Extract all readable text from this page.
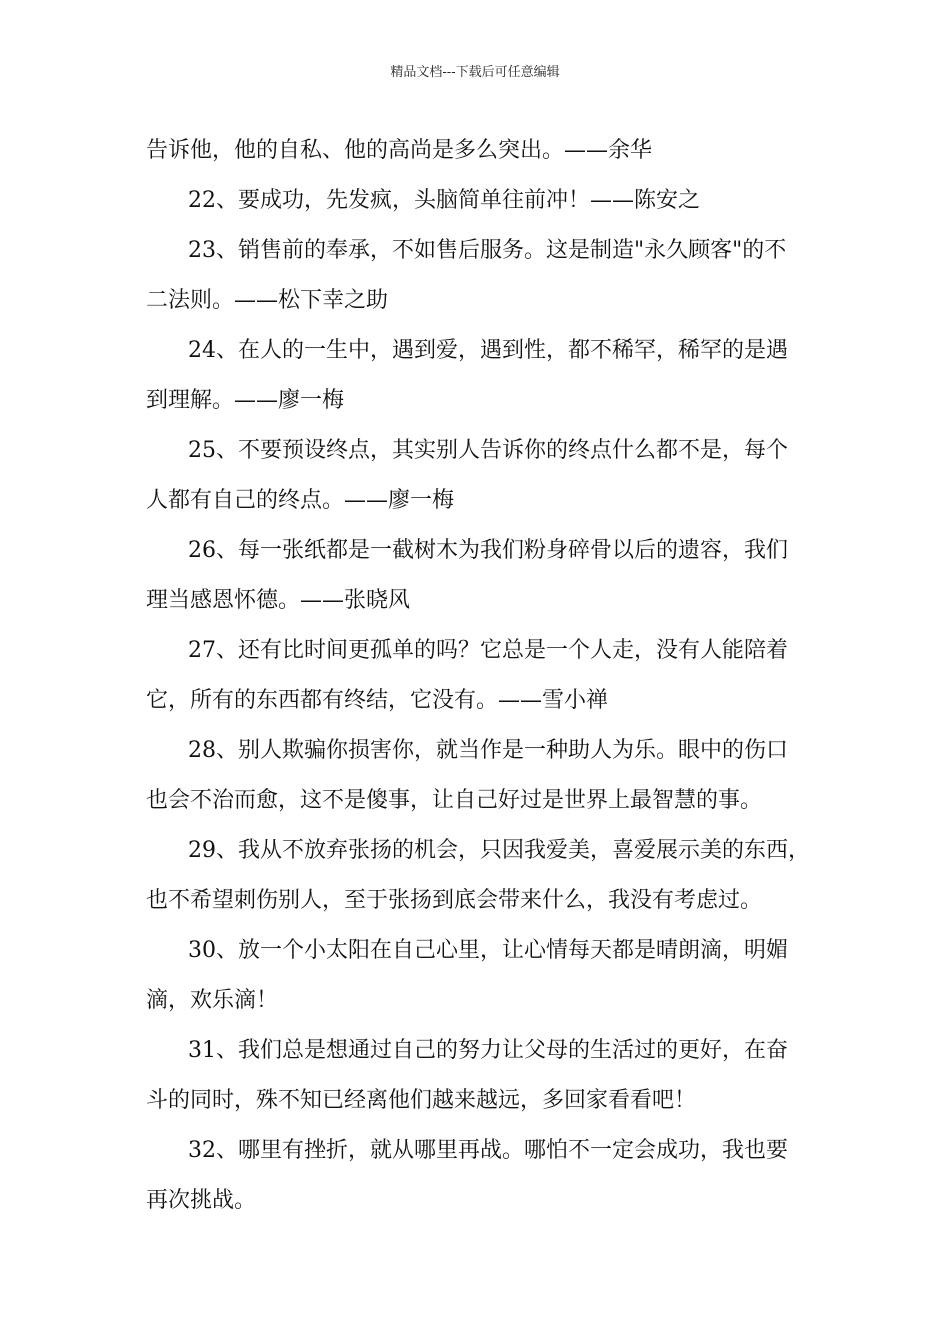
精品文档---下载后可任意编辑
告诉他，他的自私、他的高尚是多么突出。——余华
22、要成功，先发疯，头脑简单往前冲！——陈安之
23、销售前的奉承，不如售后服务。这是制造"永久顾客"的不
二法则。——松下幸之助
24、在人的一生中，遇到爱，遇到性，都不稀罕，稀罕的是遇
到理解。——廖一梅
25、不要预设终点，其实别人告诉你的终点什么都不是，每个
人都有自己的终点。——廖一梅
26、每一张纸都是一截树木为我们粉身碎骨以后的遗容，我们
理当感恩怀德。——张晓风
27、还有比时间更孤单的吗？它总是一个人走，没有人能陪着
它，所有的东西都有终结，它没有。——雪小禅
28、别人欺骗你损害你，就当作是一种助人为乐。眼中的伤口
也会不治而愈，这不是傻事，让自己好过是世界上最智慧的事。
29、我从不放弃张扬的机会，只因我爱美，喜爱展示美的东西，
也不希望刺伤别人，至于张扬到底会带来什么，我没有考虑过。
30、放一个小太阳在自己心里，让心情每天都是晴朗滴，明媚
滴，欢乐滴！
31、我们总是想通过自己的努力让父母的生活过的更好，在奋
斗的同时，殊不知已经离他们越来越远，多回家看看吧！
32、哪里有挫折，就从哪里再战。哪怕不一定会成功，我也要
再次挑战。
